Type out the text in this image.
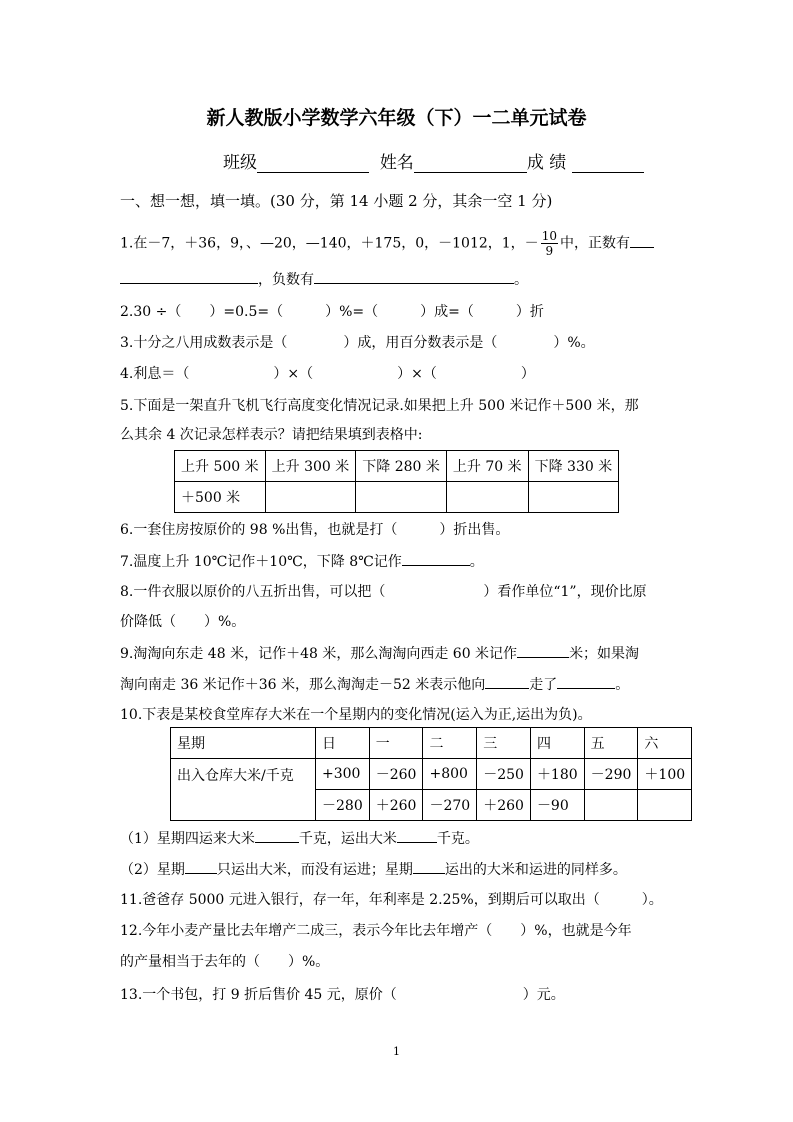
新人教版小学数学六年级（下）一二单元试卷
班级	姓名	成 绩
一、想一想，填一填。(30 分，第 14 小题 2 分，其余一空 1 分)
1.在－7，＋36，9，、—20，—140，＋175，0，－1012，1，－ $\frac{10}{9}$ 中，正数有
，负数有	。
2.30 ÷（　　）=0.5=（　　　）%=（　　　）成=（　　　）折
3.十分之八用成数表示是（　　　　）成，用百分数表示是（　　　　）%。
4.利息＝（　　　　　　）×（　　　　　　）×（　　　　　　）
5.下面是一架直升飞机飞行高度变化情况记录.如果把上升 500 米记作＋500 米，那
么其余 4 次记录怎样表示？请把结果填到表格中:
上升 500 米	上升 300 米	下降 280 米	上升 70 米	下降 330 米
＋500 米				
6.一套住房按原价的 98 %出售，也就是打（　　　）折出售。
7.温度上升 10℃记作＋10℃，下降 8℃记作	。
8.一件衣服以原价的八五折出售，可以把（　　　　　　　）看作单位“1”，现价比原
价降低（　　）%。
9.淘淘向东走 48 米，记作＋48 米，那么淘淘向西走 60 米记作	米；如果淘
淘向南走 36 米记作＋36 米，那么淘淘走－52 米表示他向	走了	。
10.下表是某校食堂库存大米在一个星期内的变化情况(运入为正,运出为负)。
星期	日	一	二	三	四	五	六
出入仓库大米/千克	+300	－260	+800	－250	＋180	－290	＋100
	－280	＋260	－270	＋260	－90		
（1）星期四运来大米	千克，运出大米	千克。
（2）星期 只运出大米，而没有运进；星期 运出的大米和运进的同样多。
11.爸爸存 5000 元进入银行，存一年，年利率是 2.25%，到期后可以取出（　　　）。
12.今年小麦产量比去年增产二成三，表示今年比去年增产（　　）%，也就是今年
的产量相当于去年的（　　）%。
13.一个书包，打 9 折后售价 45 元，原价（　　　　　　　　　）元。
1
